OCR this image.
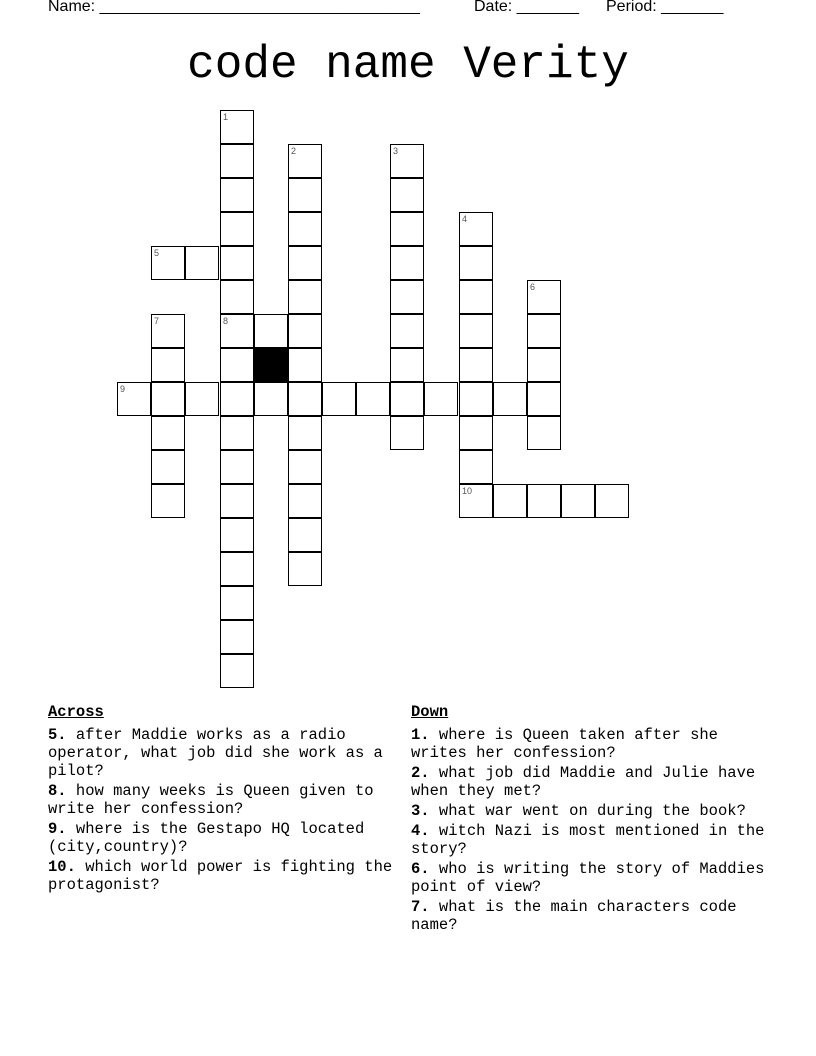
Name: ____________________________________	Date: _______ Period: _______
code name Verity
1
2	3
4
5
6
7	8
9
10
Across
5. after Maddie works as a radio operator, what job did she work as a pilot?
8. how many weeks is Queen given to write her confession?
9. where is the Gestapo HQ located (city,country)?
10. which world power is fighting the protagonist?
Down
1. where is Queen taken after she writes her confession?
2. what job did Maddie and Julie have when they met?
3. what war went on during the book?
4. witch Nazi is most mentioned in the story?
6. who is writing the story of Maddies point of view?
7. what is the main characters code name?
